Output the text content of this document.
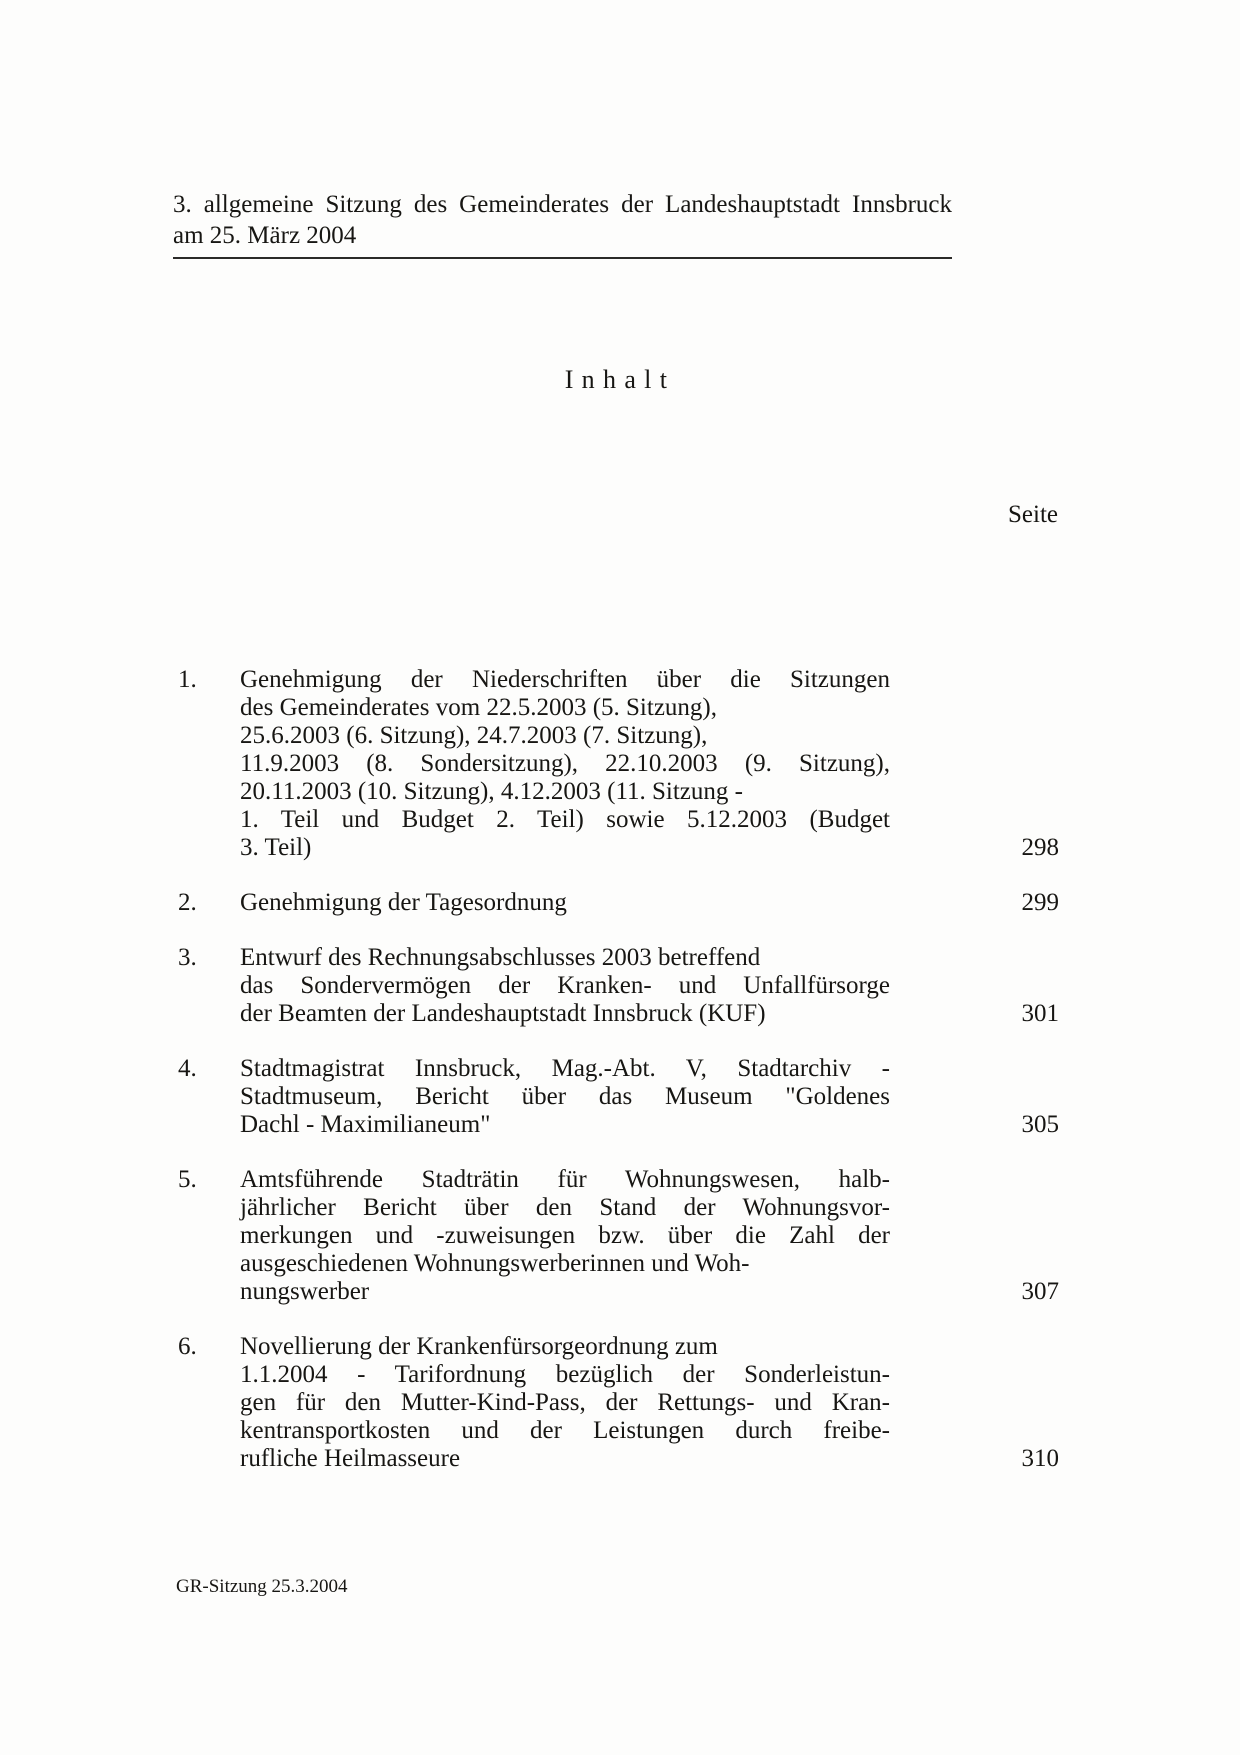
3. allgemeine Sitzung des Gemeinderates der Landeshauptstadt Innsbruck
am 25. März 2004
Inhalt
Seite
1.	Genehmigung der Niederschriften über die Sitzungen
des Gemeinderates vom 22.5.2003 (5. Sitzung),
25.6.2003 (6. Sitzung), 24.7.2003 (7. Sitzung),
11.9.2003 (8. Sondersitzung), 22.10.2003 (9. Sitzung),
20.11.2003 (10. Sitzung), 4.12.2003 (11. Sitzung -
1. Teil und Budget 2. Teil) sowie 5.12.2003 (Budget
3. Teil)	298
2.	Genehmigung der Tagesordnung	299
3.	Entwurf des Rechnungsabschlusses 2003 betreffend
das Sondervermögen der Kranken- und Unfallfürsorge
der Beamten der Landeshauptstadt Innsbruck (KUF)	301
4.	Stadtmagistrat Innsbruck, Mag.-Abt. V, Stadtarchiv -
Stadtmuseum, Bericht über das Museum "Goldenes
Dachl - Maximilianeum"	305
5.	Amtsführende Stadträtin für Wohnungswesen, halb-
jährlicher Bericht über den Stand der Wohnungsvor-
merkungen und -zuweisungen bzw. über die Zahl der
ausgeschiedenen Wohnungswerberinnen und Woh-
nungswerber	307
6.	Novellierung der Krankenfürsorgeordnung zum
1.1.2004 - Tarifordnung bezüglich der Sonderleistun-
gen für den Mutter-Kind-Pass, der Rettungs- und Kran-
kentransportkosten und der Leistungen durch freibe-
rufliche Heilmasseure	310
GR-Sitzung 25.3.2004
